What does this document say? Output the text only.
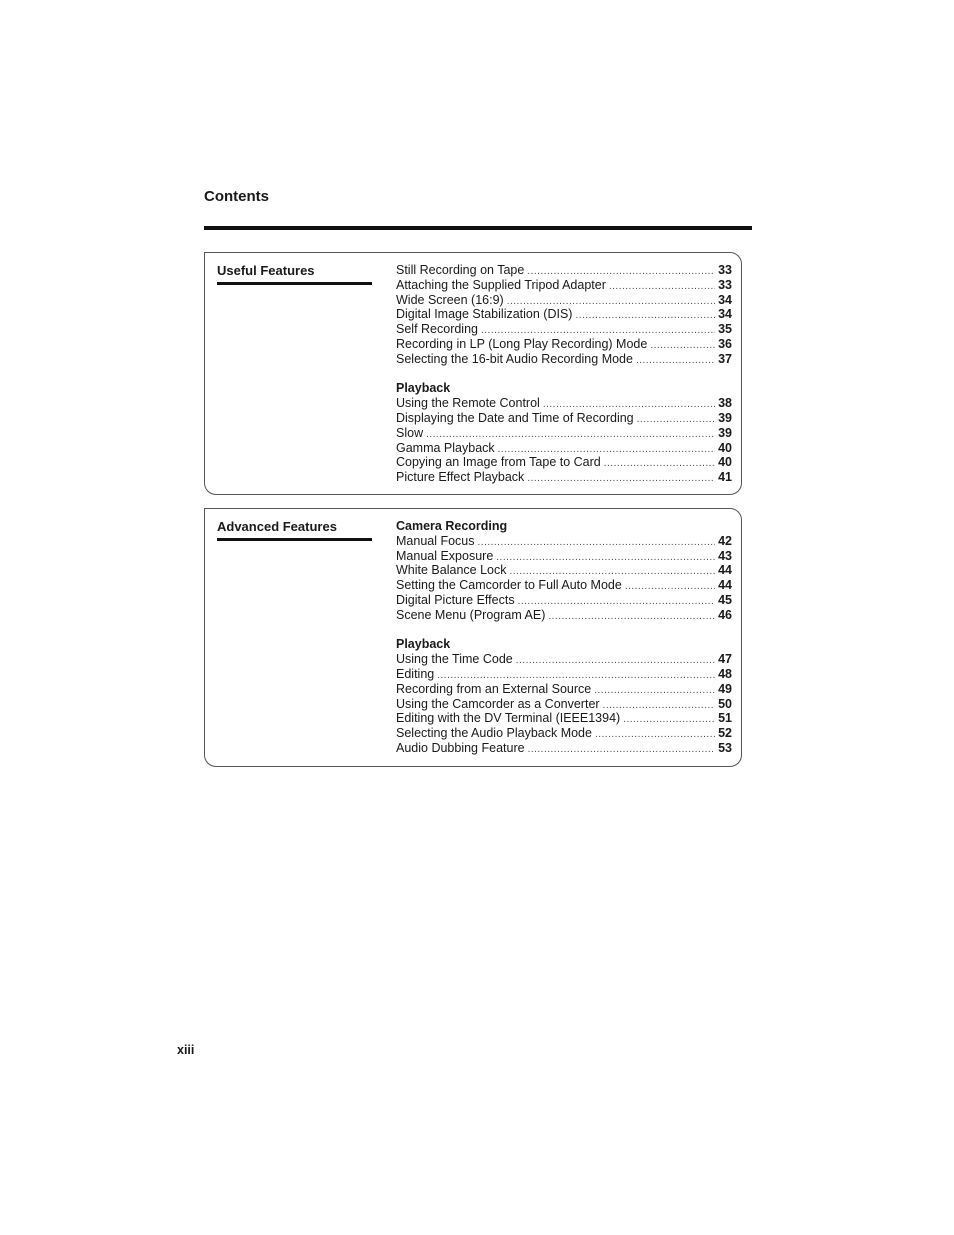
Contents
Useful Features	Still Recording on Tape .....	33
Attaching the Supplied Tripod Adapter .....	33
Wide Screen (16:9) .....	34
Digital Image Stabilization (DIS) .....	34
Self Recording .....	35
Recording in LP (Long Play Recording) Mode .....	36
Selecting the 16-bit Audio Recording Mode .....	37
Playback
Using the Remote Control .....	38
Displaying the Date and Time of Recording .....	39
Slow .....	39
Gamma Playback .....	40
Copying an Image from Tape to Card .....	40
Picture Effect Playback .....	41
Advanced Features	Camera Recording
Manual Focus .....	42
Manual Exposure .....	43
White Balance Lock .....	44
Setting the Camcorder to Full Auto Mode .....	44
Digital Picture Effects .....	45
Scene Menu (Program AE) .....	46
Playback
Using the Time Code .....	47
Editing .....	48
Recording from an External Source .....	49
Using the Camcorder as a Converter .....	50
Editing with the DV Terminal (IEEE1394) .....	51
Selecting the Audio Playback Mode .....	52
Audio Dubbing Feature .....	53
xiii
